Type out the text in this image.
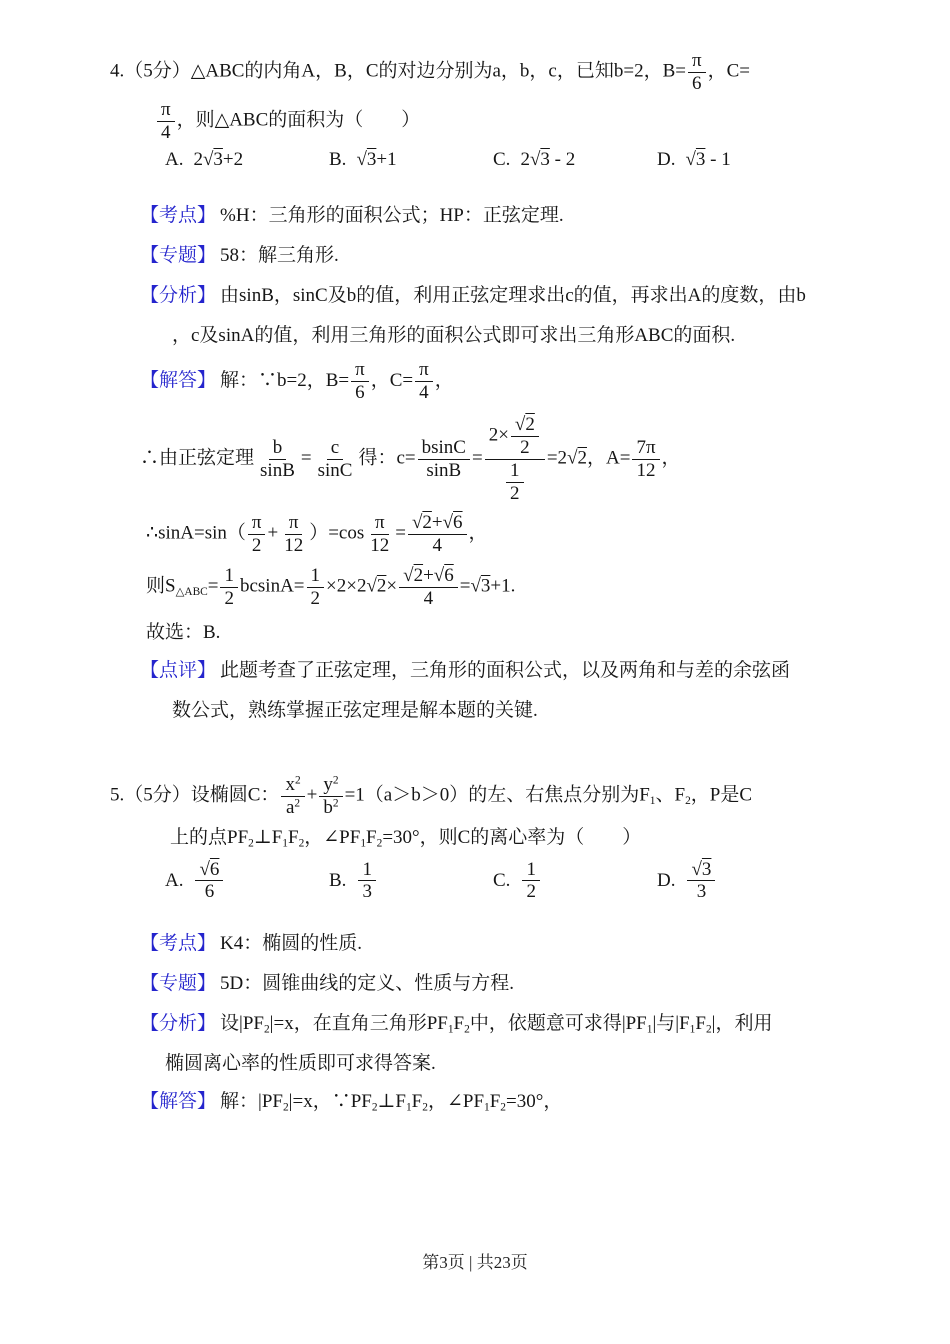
4.（5分）△ABC的内角A，B，C的对边分别为a，b，c，已知b=2，$B= \frac{\pi}{6}$ ，C=
$\frac{\pi}{4}$ ，则△ABC的面积为（　　）
A. 2√3+2	B. √3+1	C. 2√3 - 2	D. √3 - 1
【考点】 %H：三角形的面积公式；HP：正弦定理.
【专题】 58：解三角形.
【分析】 由sinB，sinC及b的值，利用正弦定理求出c的值，再求出A的度数，由b
，c及sinA的值，利用三角形的面积公式即可求出三角形ABC的面积.
【解答】 解：∵b=2，$B= \frac{\pi}{6}$ ，$C= \frac{\pi}{4}$ ，
∴由正弦定理 $\frac{b}{\sin B} = \frac{c}{\sin C}$ 得：$c= \frac{bsinC}{\sin B} = \frac{2\times \frac{√2}{2}}{\frac{1}{2}} =2√2$，$A= \frac{7\pi}{12}$ ，
∴sinA=sin（ $\frac{\pi}{2} + \frac{\pi}{12} )=\cos \frac{\pi}{12} = \frac{√2+√6}{4}$ ，
则$S_{\triangle ABC}= \frac{1}{2} bcsinA= \frac{1}{2} \times 2\times 2√2\times \frac{√2+√6}{4} =√3+1$.
故选：B.
【点评】 此题考查了正弦定理，三角形的面积公式，以及两角和与差的余弦函
数公式，熟练掌握正弦定理是解本题的关键.
5.（5分）设椭圆C： $\frac{x^2}{a^2} + \frac{y^2}{b^2} =1(a>b>0)$的左、右焦点分别为$F_1$、$F_2$，P是C
上的点$PF_2\perp F_1F_2$，$\angle PF_1F_2=30^\circ$，则C的离心率为（　　）
A. $\frac{√6}{6}$	B. $\frac{1}{3}$	C. $\frac{1}{2}$	D. $\frac{√3}{3}$
【考点】 K4：椭圆的性质.
【专题】 5D：圆锥曲线的定义、性质与方程.
【分析】 设$|PF_2|=x$，在直角三角形$PF_1F_2$中，依题意可求得$|PF_1|$与$|F_1F_2|$，利用
椭圆离心率的性质即可求得答案.
【解答】 解：$|PF_2|=x$，$\because PF_2\perp F_1F_2$，$\angle PF_1F_2=30^\circ$，
第3页 | 共23页
